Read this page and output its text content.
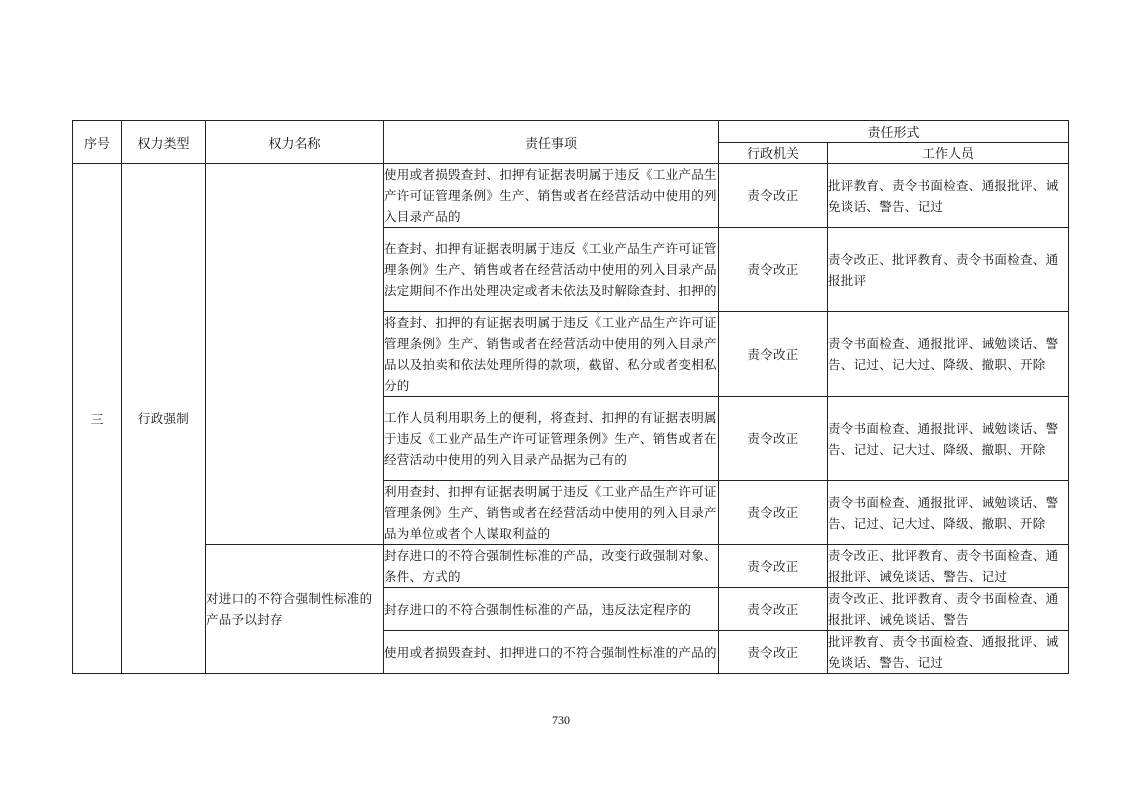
序号	权力类型	权力名称	责任事项	责任形式	
				行政机关	工作人员
三	行政强制		使用或者损毁查封、扣押有证据表明属于违反《工业产品生产许可证管理条例》生产、销售或者在经营活动中使用的列入目录产品的	责令改正	批评教育、责令书面检查、通报批评、诫免谈话、警告、记过
			在查封、扣押有证据表明属于违反《工业产品生产许可证管理条例》生产、销售或者在经营活动中使用的列入目录产品法定期间不作出处理决定或者未依法及时解除查封、扣押的	责令改正	责令改正、批评教育、责令书面检查、通报批评
			将查封、扣押的有证据表明属于违反《工业产品生产许可证管理条例》生产、销售或者在经营活动中使用的列入目录产品以及拍卖和依法处理所得的款项，截留、私分或者变相私分的	责令改正	责令书面检查、通报批评、诫勉谈话、警告、记过、记大过、降级、撤职、开除
			工作人员利用职务上的便利，将查封、扣押的有证据表明属于违反《工业产品生产许可证管理条例》生产、销售或者在经营活动中使用的列入目录产品据为己有的	责令改正	责令书面检查、通报批评、诫勉谈话、警告、记过、记大过、降级、撤职、开除
			利用查封、扣押有证据表明属于违反《工业产品生产许可证管理条例》生产、销售或者在经营活动中使用的列入目录产品为单位或者个人谋取利益的	责令改正	责令书面检查、通报批评、诫勉谈话、警告、记过、记大过、降级、撤职、开除
		对进口的不符合强制性标准的产品予以封存	封存进口的不符合强制性标准的产品，改变行政强制对象、条件、方式的	责令改正	责令改正、批评教育、责令书面检查、通报批评、诫免谈话、警告、记过
			封存进口的不符合强制性标准的产品，违反法定程序的	责令改正	责令改正、批评教育、责令书面检查、通报批评、诫免谈话、警告
			使用或者损毁查封、扣押进口的不符合强制性标准的产品的	责令改正	批评教育、责令书面检查、通报批评、诫免谈话、警告、记过
730
